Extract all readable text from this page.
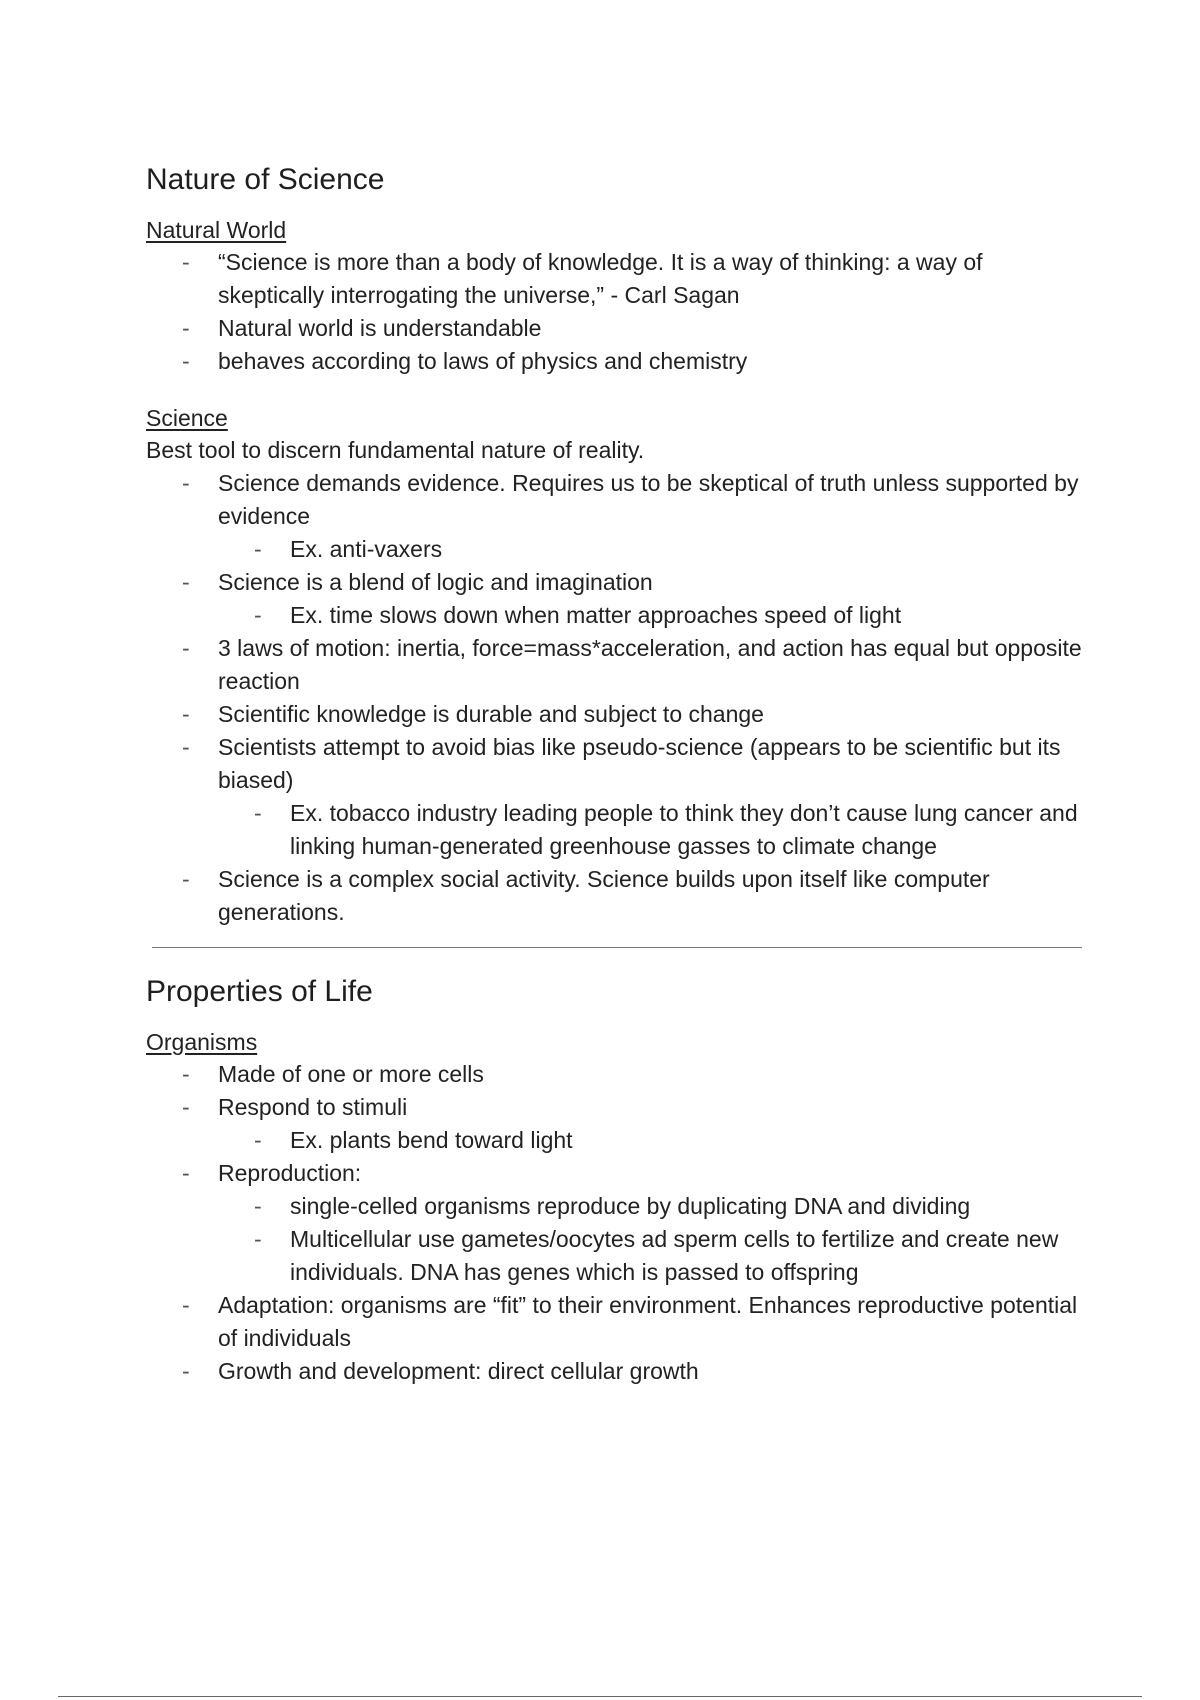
Nature of Science
Natural World
- “Science is more than a body of knowledge. It is a way of thinking: a way of skeptically interrogating the universe,” - Carl Sagan
- Natural world is understandable
- behaves according to laws of physics and chemistry
Science

Best tool to discern fundamental nature of reality.

- Science demands evidence. Requires us to be skeptical of truth unless supported by evidence
- Ex. anti-vaxers
- Science is a blend of logic and imagination
- Ex. time slows down when matter approaches speed of light
- 3 laws of motion: inertia, force=mass*acceleration, and action has equal but opposite reaction
- Scientific knowledge is durable and subject to change
- Scientists attempt to avoid bias like pseudo-science (appears to be scientific but its biased)
- Ex. tobacco industry leading people to think they don’t cause lung cancer and linking human-generated greenhouse gasses to climate change
- Science is a complex social activity. Science builds upon itself like computer generations.
Properties of Life
Organisms
- Made of one or more cells
- Respond to stimuli
- Ex. plants bend toward light
- Reproduction:
- single-celled organisms reproduce by duplicating DNA and dividing
- Multicellular use gametes/oocytes ad sperm cells to fertilize and create new individuals. DNA has genes which is passed to offspring
- Adaptation: organisms are “fit” to their environment. Enhances reproductive potential of individuals
- Growth and development: direct cellular growth
